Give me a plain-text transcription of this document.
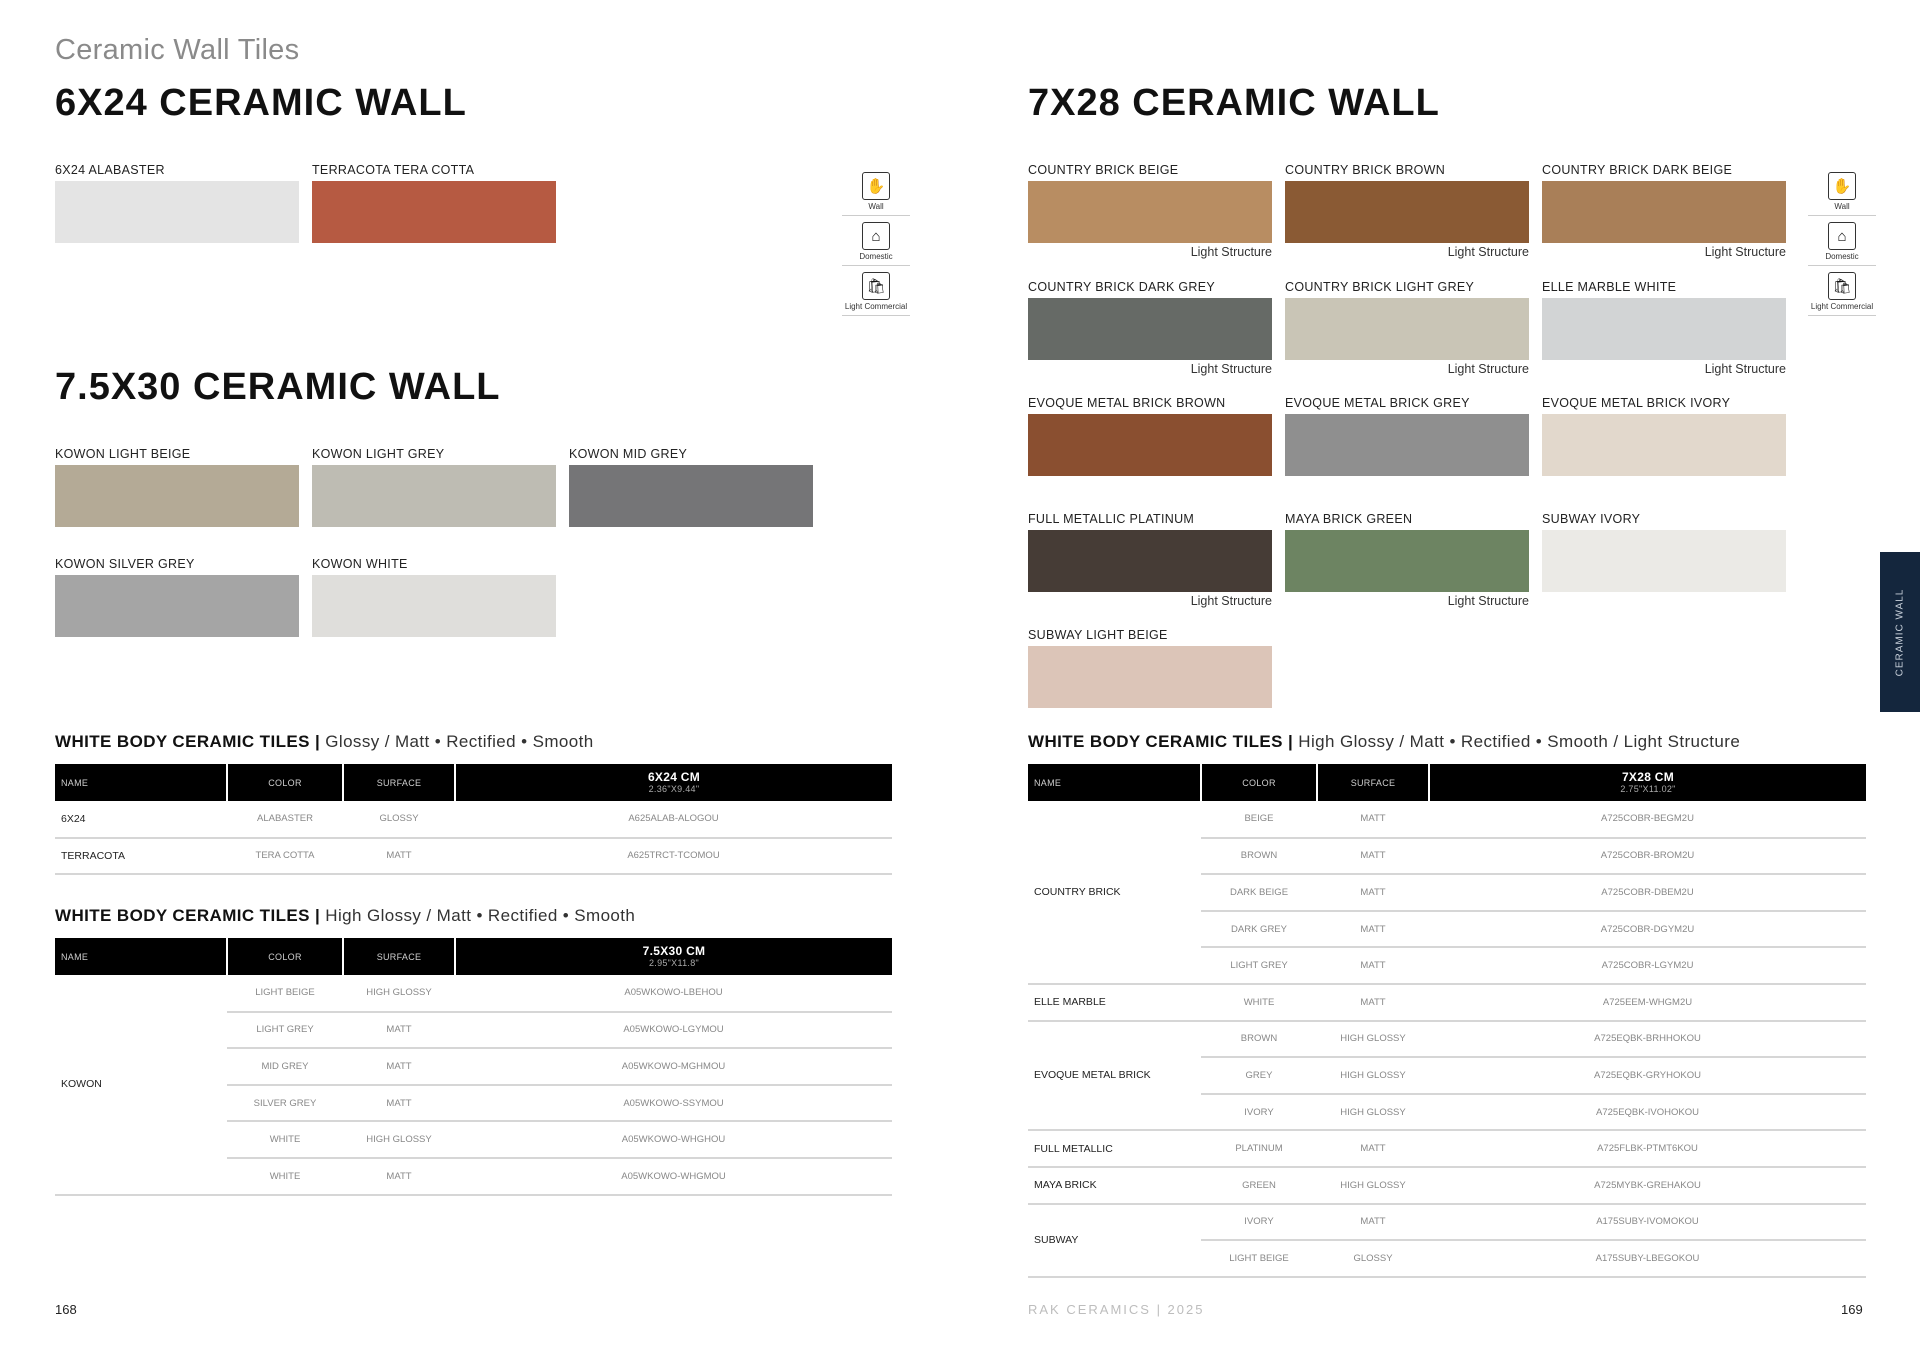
Ceramic Wall Tiles
6X24 CERAMIC WALL
6X24 ALABASTER	TERRACOTA TERA COTTA
7.5X30 CERAMIC WALL
KOWON LIGHT BEIGE	KOWON LIGHT GREY	KOWON MID GREY
KOWON SILVER GREY	KOWON WHITE
✋
Wall
⌂
Domestic
🛍
Light Commercial
WHITE BODY CERAMIC TILES | Glossy / Matt • Rectified • Smooth
NAME	COLOR	SURFACE	6X24 CM
2.36"X9.44"

6X24	ALABASTER	GLOSSY	A625ALAB-ALOGOU
TERRACOTA	TERA COTTA	MATT	A625TRCT-TCOMOU
WHITE BODY CERAMIC TILES | High Glossy / Matt • Rectified • Smooth
NAME	COLOR	SURFACE	7.5X30 CM
2.95"X11.8"

KOWON	LIGHT BEIGE	HIGH GLOSSY	A05WKOWO-LBEHOU
	LIGHT GREY	MATT	A05WKOWO-LGYMOU
	MID GREY	MATT	A05WKOWO-MGHMOU
	SILVER GREY	MATT	A05WKOWO-SSYMOU
	WHITE	HIGH GLOSSY	A05WKOWO-WHGHOU
	WHITE	MATT	A05WKOWO-WHGMOU
168
7X28 CERAMIC WALL
COUNTRY BRICK BEIGE
Light Structure
COUNTRY BRICK BROWN
Light Structure
COUNTRY BRICK DARK BEIGE
Light Structure
COUNTRY BRICK DARK GREY
Light Structure
COUNTRY BRICK LIGHT GREY
Light Structure
ELLE MARBLE WHITE
Light Structure
EVOQUE METAL BRICK BROWN	EVOQUE METAL BRICK GREY	EVOQUE METAL BRICK IVORY
FULL METALLIC PLATINUM
Light Structure
MAYA BRICK GREEN
Light Structure
SUBWAY IVORY
SUBWAY LIGHT BEIGE
✋
Wall
⌂
Domestic
🛍
Light Commercial
WHITE BODY CERAMIC TILES | High Glossy / Matt • Rectified • Smooth / Light Structure
NAME	COLOR	SURFACE	7X28 CM
2.75"X11.02"

COUNTRY BRICK	BEIGE	MATT	A725COBR-BEGM2U
	BROWN	MATT	A725COBR-BROM2U
	DARK BEIGE	MATT	A725COBR-DBEM2U
	DARK GREY	MATT	A725COBR-DGYM2U
	LIGHT GREY	MATT	A725COBR-LGYM2U
ELLE MARBLE	WHITE	MATT	A725EEM-WHGM2U
EVOQUE METAL BRICK	BROWN	HIGH GLOSSY	A725EQBK-BRHHOKOU
	GREY	HIGH GLOSSY	A725EQBK-GRYHOKOU
	IVORY	HIGH GLOSSY	A725EQBK-IVOHOKOU
FULL METALLIC	PLATINUM	MATT	A725FLBK-PTMT6KOU
MAYA BRICK	GREEN	HIGH GLOSSY	A725MYBK-GREHAKOU
SUBWAY	IVORY	MATT	A175SUBY-IVOMOKOU
	LIGHT BEIGE	GLOSSY	A175SUBY-LBEGOKOU
RAK CERAMICS | 2025	169
CERAMIC WALL
